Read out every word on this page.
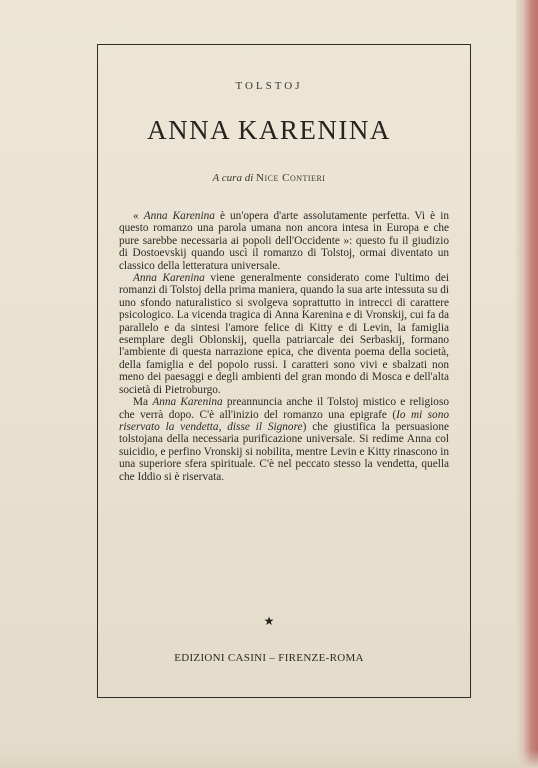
TOLSTOJ
ANNA KARENINA
A cura di Nice Contieri

« Anna Karenina è un'opera d'arte assolutamente perfetta. Vi è in questo romanzo una parola umana non ancora intesa in Europa e che pure sarebbe necessaria ai popoli dell'Occidente »: questo fu il giudizio di Dostoevskij quando uscì il romanzo di Tolstoj, ormai diventato un classico della letteratura universale.

Anna Karenina viene generalmente considerato come l'ultimo dei romanzi di Tolstoj della prima maniera, quando la sua arte intessuta su di uno sfondo naturalistico si svolgeva soprattutto in intrecci di carattere psicologico. La vicenda tragica di Anna Karenina e di Vronskij, cui fa da parallelo e da sintesi l'amore felice di Kitty e di Levin, la famiglia esemplare degli Oblonskij, quella patriarcale dei Serbaskij, formano l'ambiente di questa narrazione epica, che diventa poema della società, della famiglia e del popolo russi. I caratteri sono vivi e sbalzati non meno dei paesaggi e degli ambienti del gran mondo di Mosca e dell'alta società di Pietroburgo.

Ma Anna Karenina preannuncia anche il Tolstoj mistico e religioso che verrà dopo. C'è all'inizio del romanzo una epigrafe (Io mi sono riservato la vendetta, disse il Signore) che giustifica la persuasione tolstojana della necessaria purificazione universale. Si redime Anna col suicidio, e perfino Vronskij si nobilita, mentre Levin e Kitty rinascono in una superiore sfera spirituale. C'è nel peccato stesso la vendetta, quella che Iddio si è riservata.

★
EDIZIONI CASINI – FIRENZE-ROMA
